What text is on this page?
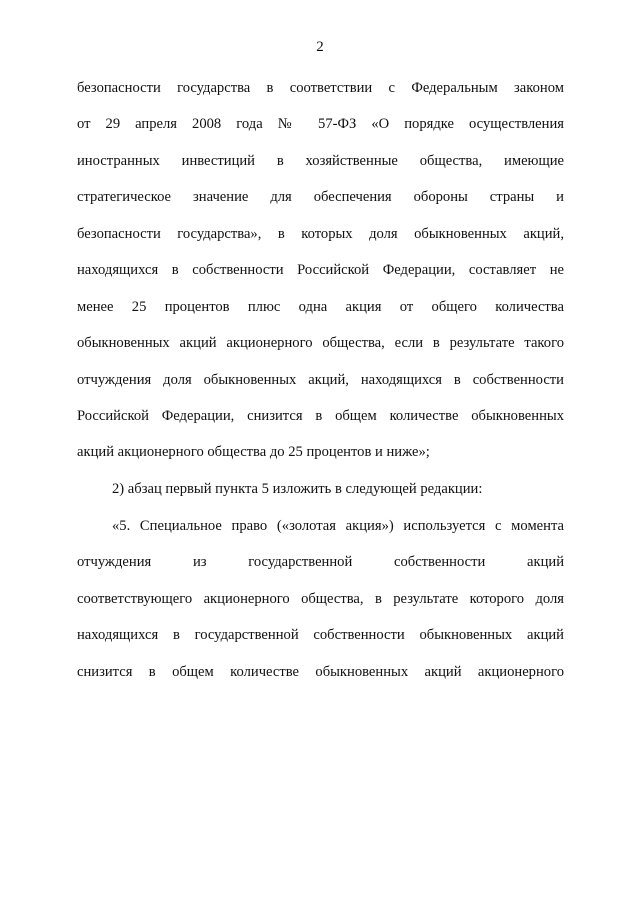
2
безопасности государства в соответствии с Федеральным законом
от 29 апреля 2008 года № 57-ФЗ «О порядке осуществления
иностранных инвестиций в хозяйственные общества, имеющие
стратегическое значение для обеспечения обороны страны и
безопасности государства», в которых доля обыкновенных акций,
находящихся в собственности Российской Федерации, составляет не
менее 25 процентов плюс одна акция от общего количества
обыкновенных акций акционерного общества, если в результате такого
отчуждения доля обыкновенных акций, находящихся в собственности
Российской Федерации, снизится в общем количестве обыкновенных
акций акционерного общества до 25 процентов и ниже»;
2) абзац первый пункта 5 изложить в следующей редакции:
«5. Специальное право («золотая акция») используется с момента
отчуждения из государственной собственности акций
соответствующего акционерного общества, в результате которого доля
находящихся в государственной собственности обыкновенных акций
снизится в общем количестве обыкновенных акций акционерного
